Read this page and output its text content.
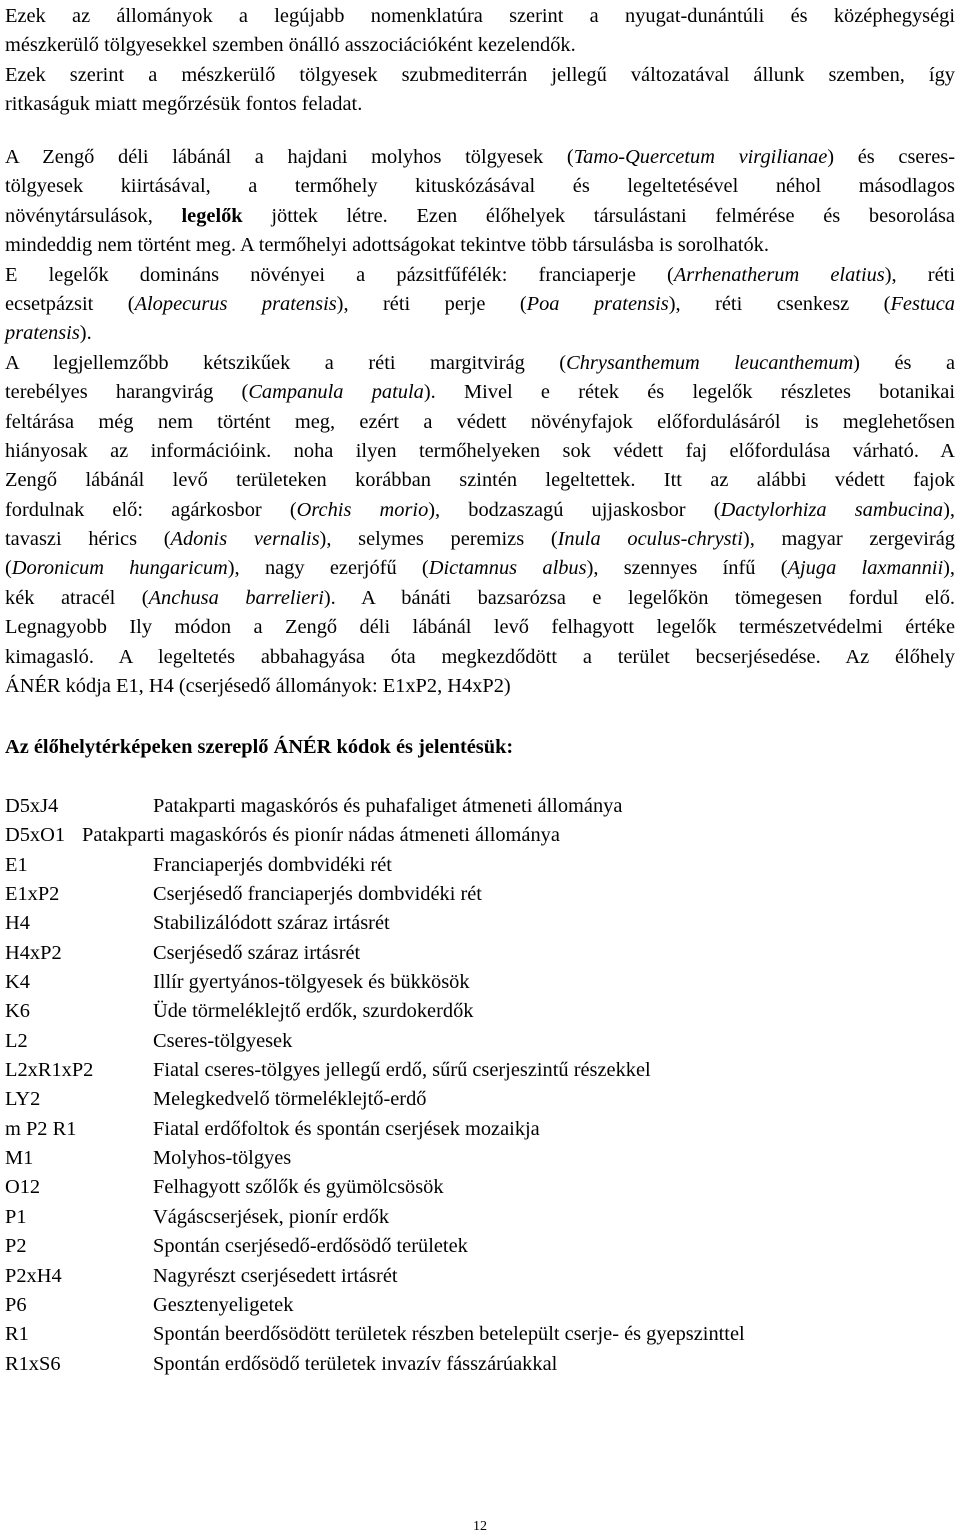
Ezek az állományok a legújabb nomenklatúra szerint a nyugat-dunántúli és középhegységi
mészkerülő tölgyesekkel szemben önálló asszociációként kezelendők.
Ezek szerint a mészkerülő tölgyesek szubmediterrán jellegű változatával állunk szemben, így
ritkaságuk miatt megőrzésük fontos feladat.
A Zengő déli lábánál a hajdani molyhos tölgyesek (Tamo-Quercetum virgilianae) és cseres-
tölgyesek kiirtásával, a termőhely kituskózásával és legeltetésével néhol másodlagos
növénytársulások, legelők jöttek létre. Ezen élőhelyek társulástani felmérése és besorolása
mindeddig nem történt meg. A termőhelyi adottságokat tekintve több társulásba is sorolhatók.
E legelők domináns növényei a pázsitfűfélék: franciaperje (Arrhenatherum elatius), réti
ecsetpázsit (Alopecurus pratensis), réti perje (Poa pratensis), réti csenkesz (Festuca
pratensis).
A legjellemzőbb kétszikűek a réti margitvirág (Chrysanthemum leucanthemum) és a
terebélyes harangvirág (Campanula patula). Mivel e rétek és legelők részletes botanikai
feltárása még nem történt meg, ezért a védett növényfajok előfordulásáról is meglehetősen
hiányosak az információink. noha ilyen termőhelyeken sok védett faj előfordulása várható. A
Zengő lábánál levő területeken korábban szintén legeltettek. Itt az alábbi védett fajok
fordulnak elő: agárkosbor (Orchis morio), bodzaszagú ujjaskosbor (Dactylorhiza sambucina),
tavaszi hérics (Adonis vernalis), selymes peremizs (Inula oculus-chrysti), magyar zergevirág
(Doronicum hungaricum), nagy ezerjófű (Dictamnus albus), szennyes ínfű (Ajuga laxmannii),
kék atracél (Anchusa barrelieri). A bánáti bazsarózsa e legelőkön tömegesen fordul elő.
Legnagyobb Ily módon a Zengő déli lábánál levő felhagyott legelők természetvédelmi értéke
kimagasló. A legeltetés abbahagyása óta megkezdődött a terület becserjésedése. Az élőhely
ÁNÉR kódja E1, H4 (cserjésedő állományok: E1xP2, H4xP2)
Az élőhelytérképeken szereplő ÁNÉR kódok és jelentésük:
D5xJ4	Patakparti magaskórós és puhafaliget átmeneti állománya
D5xO1 Patakparti magaskórós és pionír nádas átmeneti állománya
E1	Franciaperjés dombvidéki rét
E1xP2	Cserjésedő franciaperjés dombvidéki rét
H4	Stabilizálódott száraz irtásrét
H4xP2	Cserjésedő száraz irtásrét
K4	Illír gyertyános-tölgyesek és bükkösök
K6	Üde törmeléklejtő erdők, szurdokerdők
L2	Cseres-tölgyesek
L2xR1xP2	Fiatal cseres-tölgyes jellegű erdő, sűrű cserjeszintű részekkel
LY2	Melegkedvelő törmeléklejtő-erdő
m P2 R1	Fiatal erdőfoltok és spontán cserjések mozaikja
M1	Molyhos-tölgyes
O12	Felhagyott szőlők és gyümölcsösök
P1	Vágáscserjések, pionír erdők
P2	Spontán cserjésedő-erdősödő területek
P2xH4	Nagyrészt cserjésedett irtásrét
P6	Gesztenyeligetek
R1	Spontán beerdősödött területek részben betelepült cserje- és gyepszinttel
R1xS6	Spontán erdősödő területek invazív fásszárúakkal
12
